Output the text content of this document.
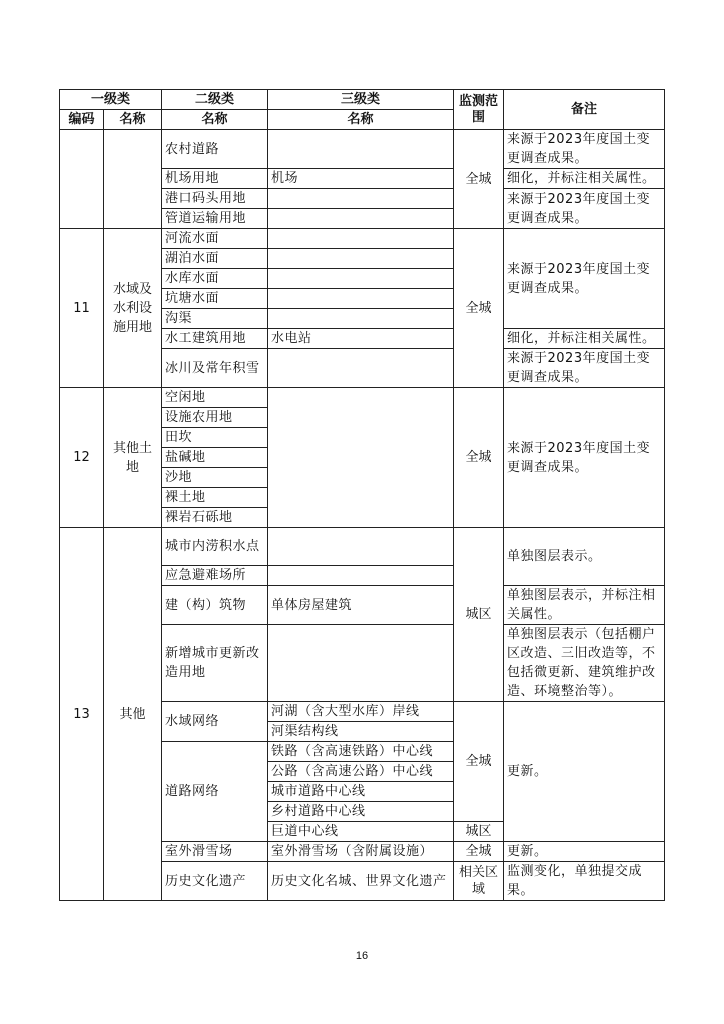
一级类		二级类	三级类	监测范围	备注
编码	名称	名称	名称		
		农村道路		全城	来源于2023年度国土变更调查成果。
		机场用地	机场		细化，并标注相关属性。
		港口码头用地			来源于2023年度国土变更调查成果。
		管道运输用地			
11	水域及水利设施用地	河流水面		全城	来源于2023年度国土变更调查成果。
		湖泊水面			
		水库水面			
		坑塘水面			
		沟渠			
		水工建筑用地	水电站		细化，并标注相关属性。
		冰川及常年积雪			来源于2023年度国土变更调查成果。
12	其他土地	空闲地		全城	来源于2023年度国土变更调查成果。
		设施农用地			
		田坎			
		盐碱地			
		沙地			
		裸土地			
		裸岩石砾地			
13	其他	城市内涝积水点		城区	单独图层表示。
		应急避难场所			
		建（构）筑物	单体房屋建筑		单独图层表示，并标注相关属性。
		新增城市更新改造用地			单独图层表示（包括棚户区改造、三旧改造等，不包括微更新、建筑维护改造、环境整治等）。
		水域网络	河湖（含大型水库）岸线	全城	更新。
			河渠结构线		
		道路网络	铁路（含高速铁路）中心线		
			公路（含高速公路）中心线		
			城市道路中心线		
			乡村道路中心线		
			巨道中心线	城区	
		室外滑雪场	室外滑雪场（含附属设施）	全城	更新。
		历史文化遗产	历史文化名城、世界文化遗产	相关区域	监测变化，单独提交成果。
16
